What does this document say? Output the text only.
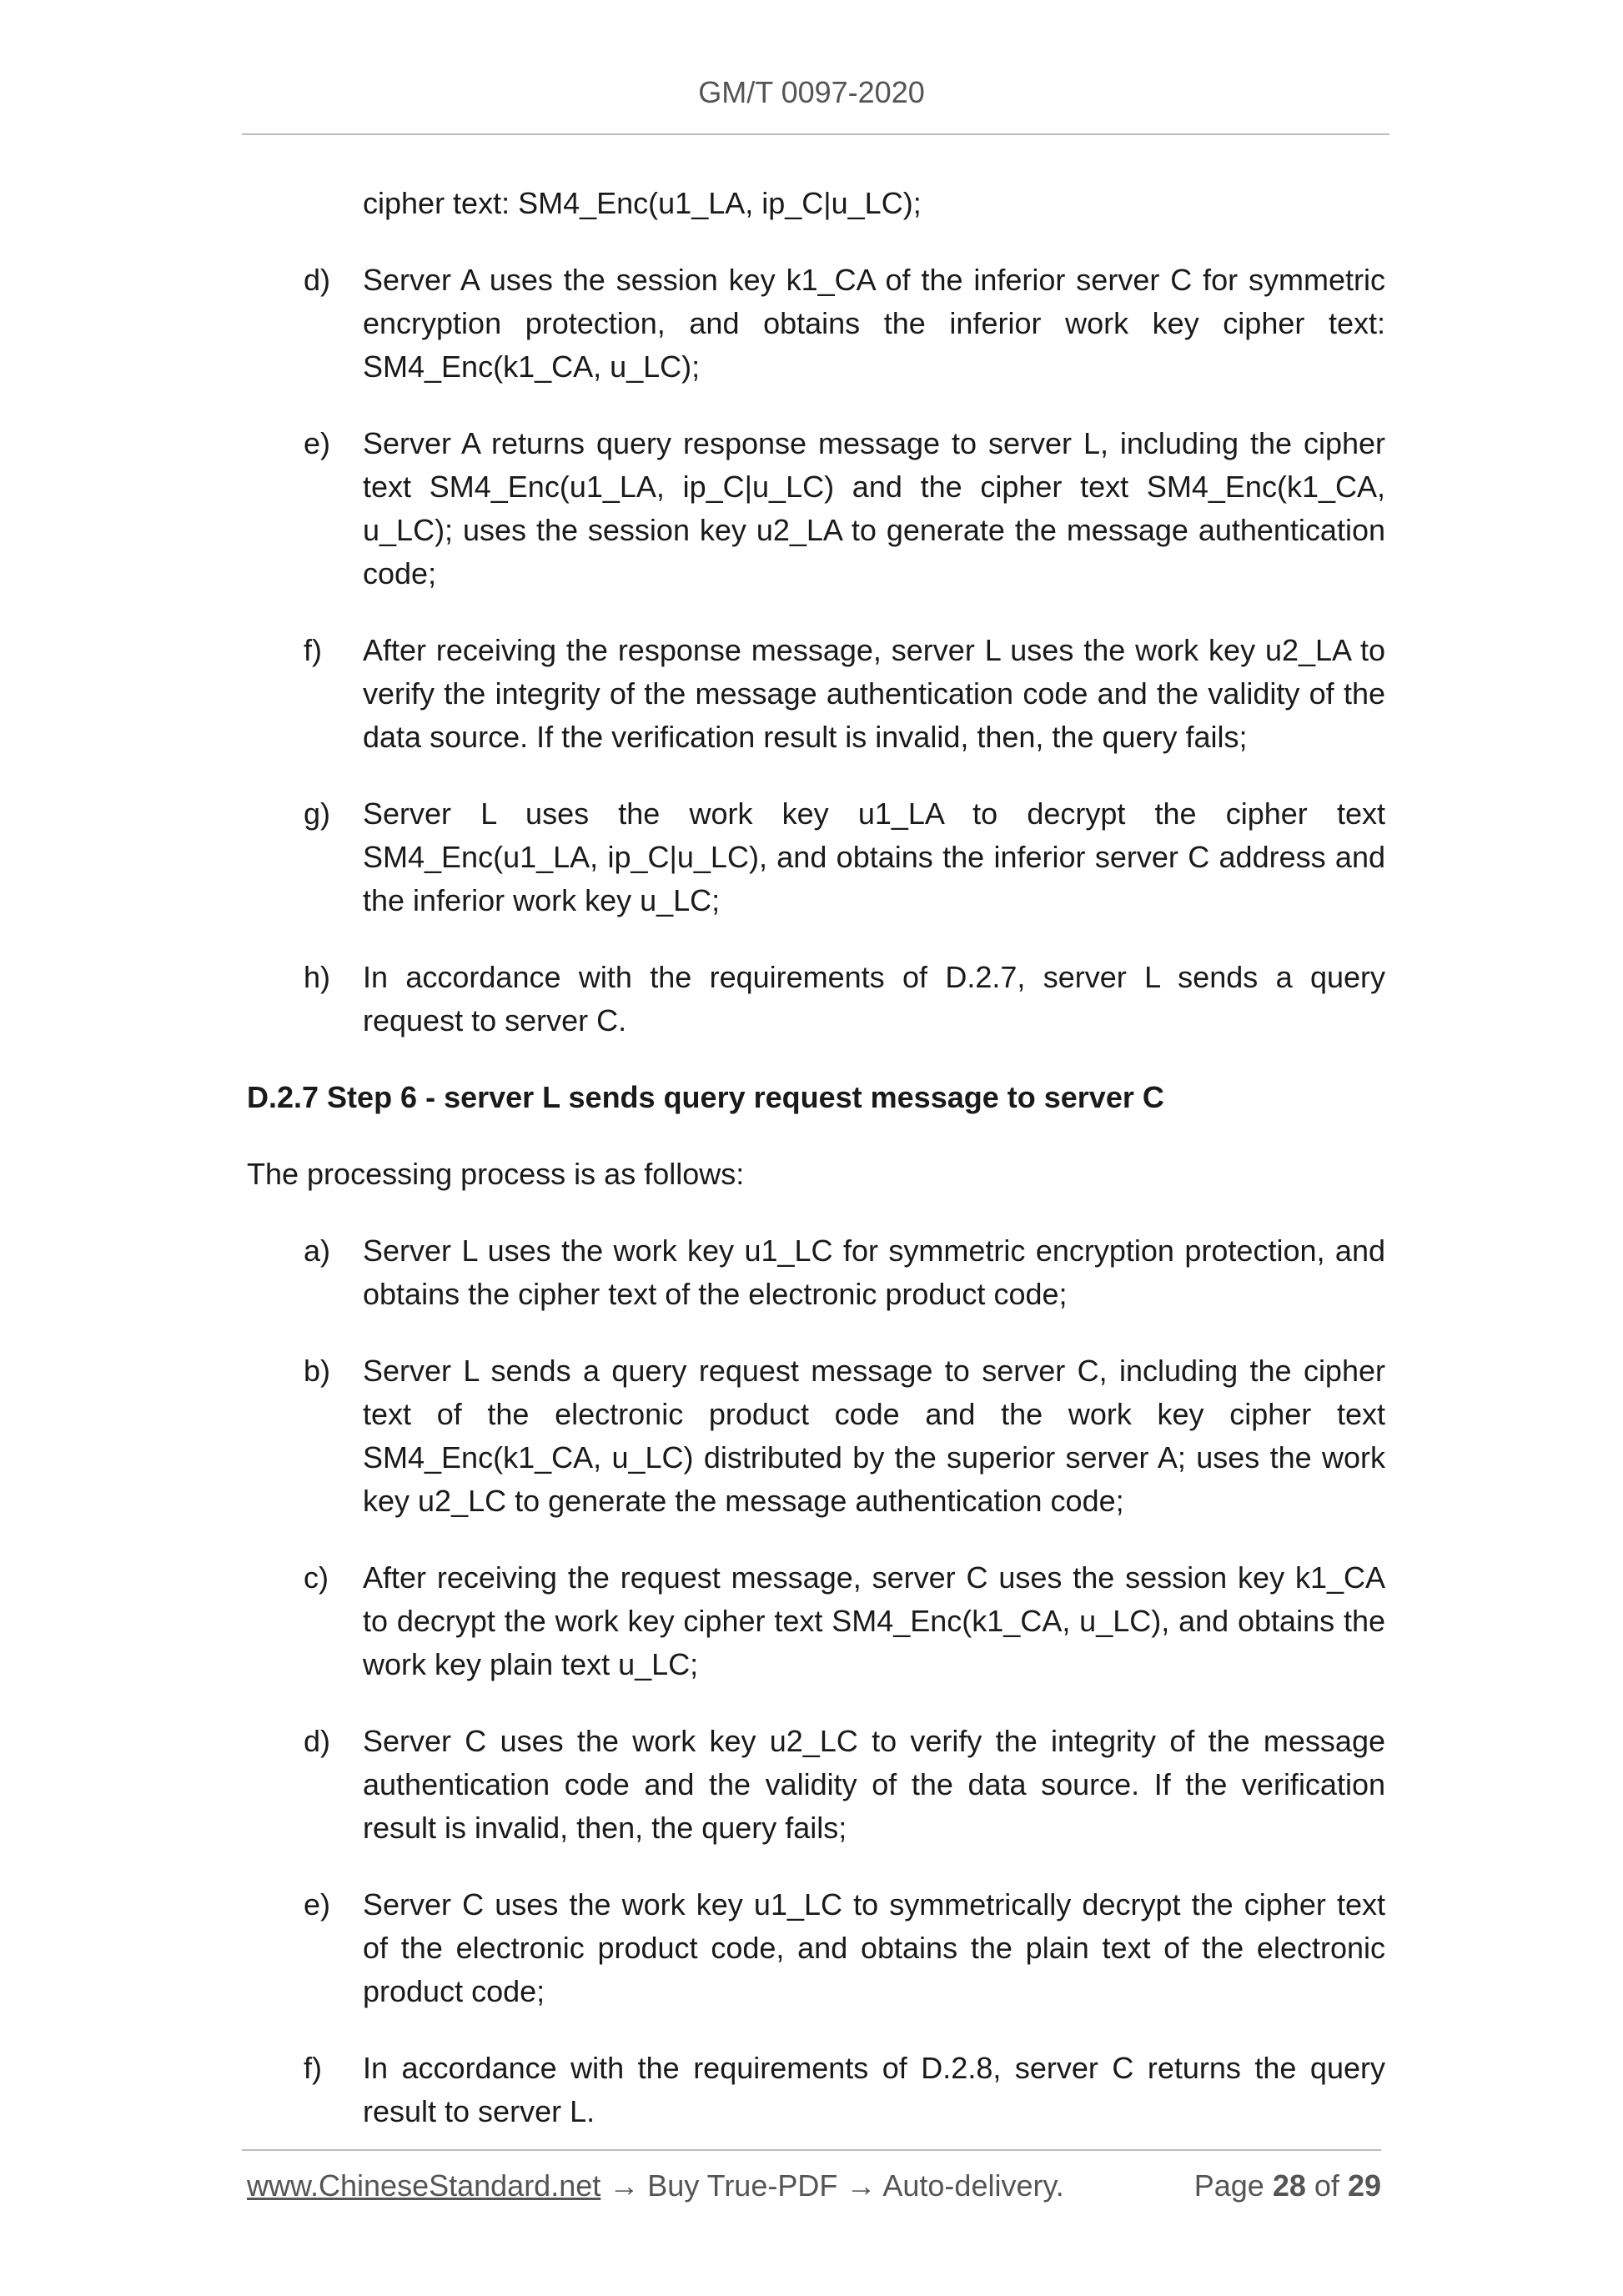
GM/T 0097-2020
cipher text: SM4_Enc(u1_LA, ip_C|u_LC);
d) Server A uses the session key k1_CA of the inferior server C for symmetric encryption protection, and obtains the inferior work key cipher text: SM4_Enc(k1_CA, u_LC);
e) Server A returns query response message to server L, including the cipher text SM4_Enc(u1_LA, ip_C|u_LC) and the cipher text SM4_Enc(k1_CA, u_LC); uses the session key u2_LA to generate the message authentication code;
f) After receiving the response message, server L uses the work key u2_LA to verify the integrity of the message authentication code and the validity of the data source. If the verification result is invalid, then, the query fails;
g) Server L uses the work key u1_LA to decrypt the cipher text SM4_Enc(u1_LA, ip_C|u_LC), and obtains the inferior server C address and the inferior work key u_LC;
h) In accordance with the requirements of D.2.7, server L sends a query request to server C.
D.2.7 Step 6 - server L sends query request message to server C
The processing process is as follows:
a) Server L uses the work key u1_LC for symmetric encryption protection, and obtains the cipher text of the electronic product code;
b) Server L sends a query request message to server C, including the cipher text of the electronic product code and the work key cipher text SM4_Enc(k1_CA, u_LC) distributed by the superior server A; uses the work key u2_LC to generate the message authentication code;
c) After receiving the request message, server C uses the session key k1_CA to decrypt the work key cipher text SM4_Enc(k1_CA, u_LC), and obtains the work key plain text u_LC;
d) Server C uses the work key u2_LC to verify the integrity of the message authentication code and the validity of the data source. If the verification result is invalid, then, the query fails;
e) Server C uses the work key u1_LC to symmetrically decrypt the cipher text of the electronic product code, and obtains the plain text of the electronic product code;
f) In accordance with the requirements of D.2.8, server C returns the query result to server L.
www.ChineseStandard.net → Buy True-PDF → Auto-delivery.	Page 28 of 29
